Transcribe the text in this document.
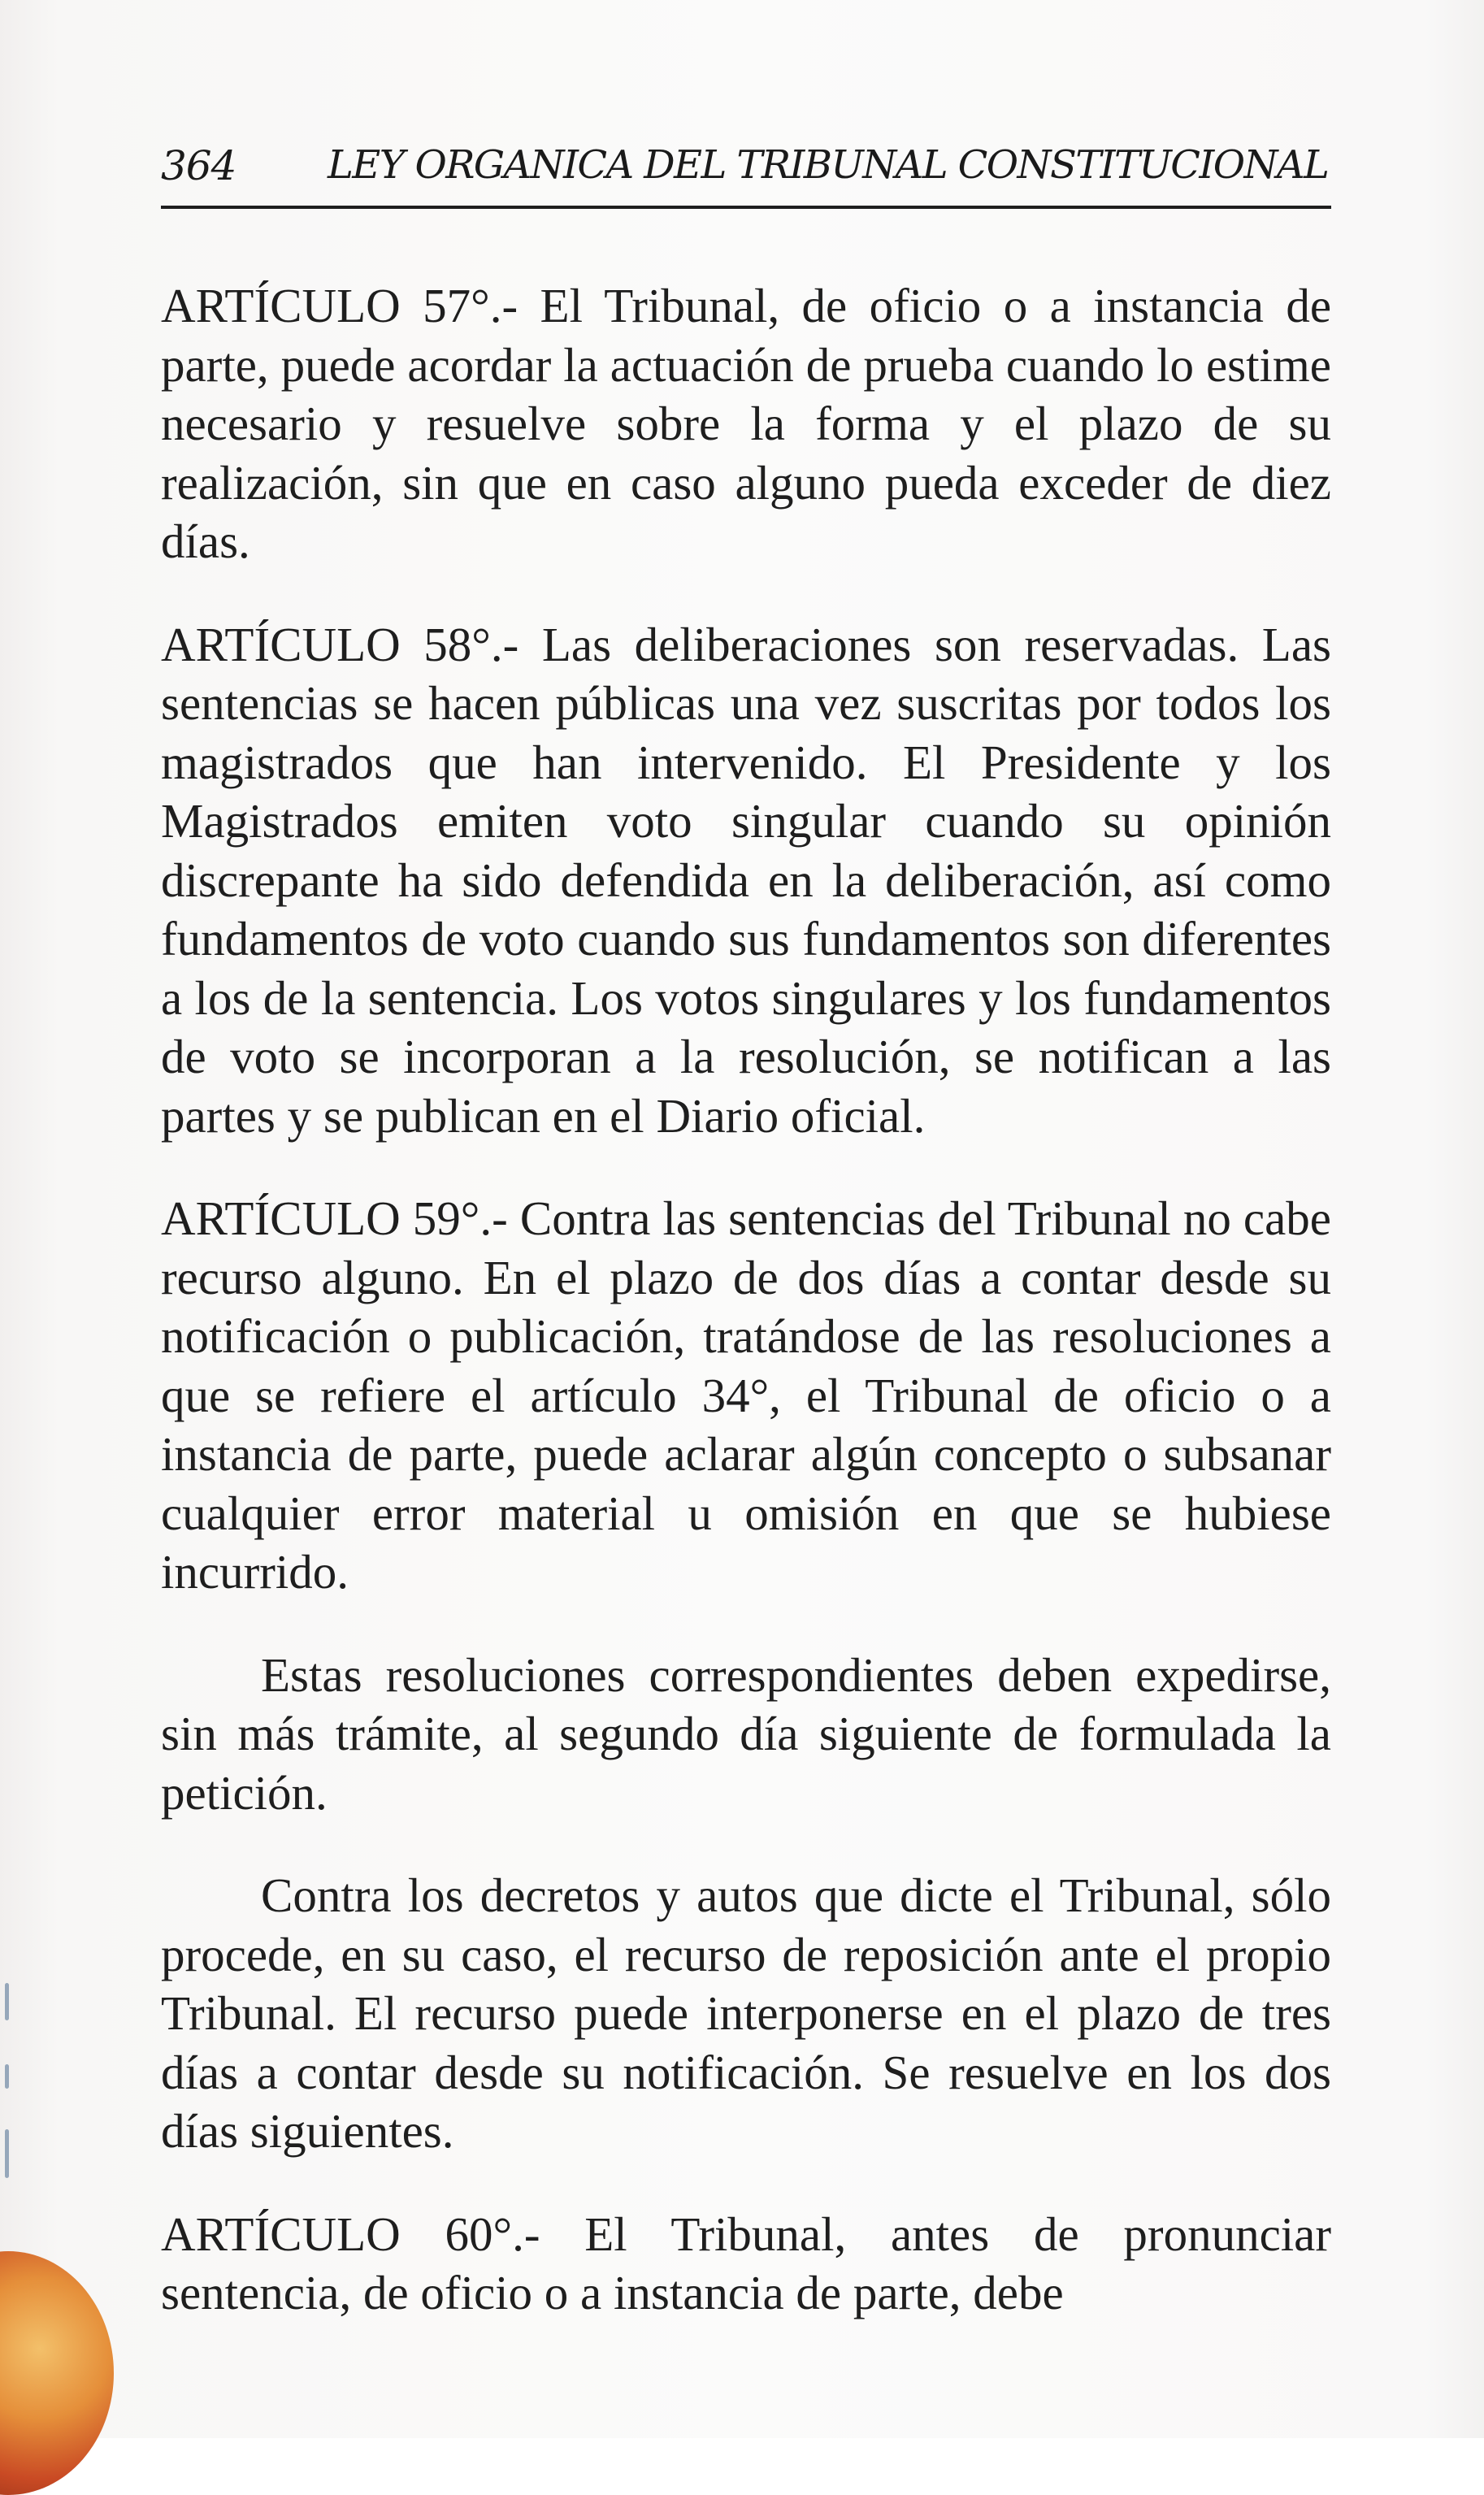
364 LEY ORGANICA DEL TRIBUNAL CONSTITUCIONAL

ARTÍCULO 57°.- El Tribunal, de oficio o a instancia de parte, puede acordar la actuación de prueba cuando lo estime necesario y resuelve sobre la forma y el plazo de su realización, sin que en caso alguno pueda exceder de diez días.

ARTÍCULO 58°.- Las deliberaciones son reservadas. Las sentencias se hacen públicas una vez suscritas por todos los magistrados que han intervenido. El Presidente y los Magistrados emiten voto singular cuando su opinión discrepante ha sido defendida en la deliberación, así como fundamentos de voto cuando sus fundamentos son diferentes a los de la sentencia. Los votos singulares y los fundamentos de voto se incorporan a la resolución, se notifican a las partes y se publican en el Diario oficial.

ARTÍCULO 59°.- Contra las sentencias del Tribunal no cabe recurso alguno. En el plazo de dos días a contar desde su notificación o publicación, tratándose de las resoluciones a que se refiere el artículo 34°, el Tribunal de oficio o a instancia de parte, puede aclarar algún concepto o subsanar cualquier error material u omisión en que se hubiese incurrido.

Estas resoluciones correspondientes deben expedirse, sin más trámite, al segundo día siguiente de formulada la petición.

Contra los decretos y autos que dicte el Tribunal, sólo procede, en su caso, el recurso de reposición ante el propio Tribunal. El recurso puede interponerse en el plazo de tres días a contar desde su notificación. Se resuelve en los dos días siguientes.

ARTÍCULO 60°.- El Tribunal, antes de pronunciar sentencia, de oficio o a instancia de parte, debe
